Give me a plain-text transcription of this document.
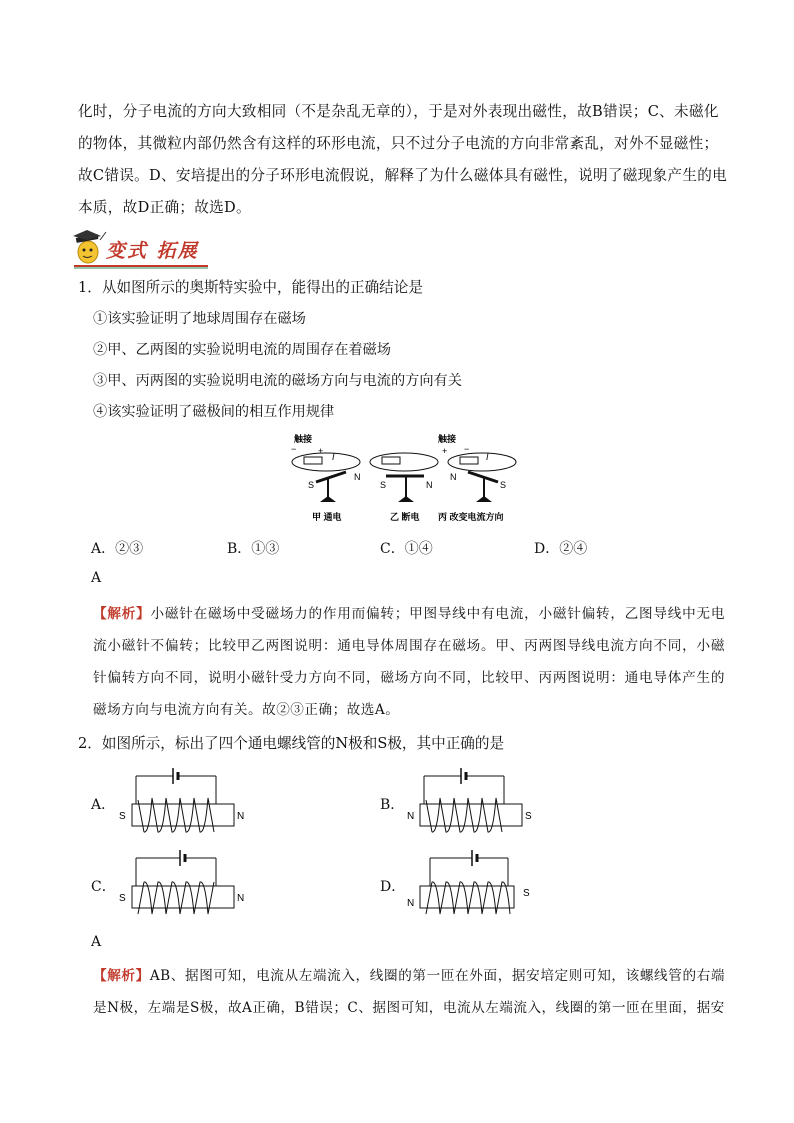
化时，分子电流的方向大致相同（不是杂乱无章的），于是对外表现出磁性，故B错误；C、未磁化的物体，其微粒内部仍然含有这样的环形电流，只不过分子电流的方向非常紊乱，对外不显磁性；故C错误。D、安培提出的分子环形电流假说，解释了为什么磁体具有磁性，说明了磁现象产生的电本质，故D正确；故选D。
变式 拓展
1．从如图所示的奥斯特实验中，能得出的正确结论是
①该实验证明了地球周围存在磁场
②甲、乙两图的实验说明电流的周围存在着磁场
③甲、丙两图的实验说明电流的磁场方向与电流的方向有关
④该实验证明了磁极间的相互作用规律
触接
− +
I
S
N
甲 通电
S	N
乙 断电
触接
+ −
I
N
S
丙 改变电流方向
A．②③	B．①③	C．①④	D．②④
A
【解析】小磁针在磁场中受磁场力的作用而偏转；甲图导线中有电流，小磁针偏转，乙图导线中无电流小磁针不偏转；比较甲乙两图说明：通电导体周围存在磁场。甲、丙两图导线电流方向不同，小磁针偏转方向不同，说明小磁针受力方向不同，磁场方向不同，比较甲、丙两图说明：通电导体产生的磁场方向与电流方向有关。故②③正确；故选A。
2．如图所示，标出了四个通电螺线管的N极和S极，其中正确的是
A．	B．
C．	D．
S	N	N	S
S	N	N
S
A
【解析】AB、据图可知，电流从左端流入，线圈的第一匝在外面，据安培定则可知，该螺线管的右端是N极，左端是S极，故A正确，B错误；C、据图可知，电流从左端流入，线圈的第一匝在里面，据安
